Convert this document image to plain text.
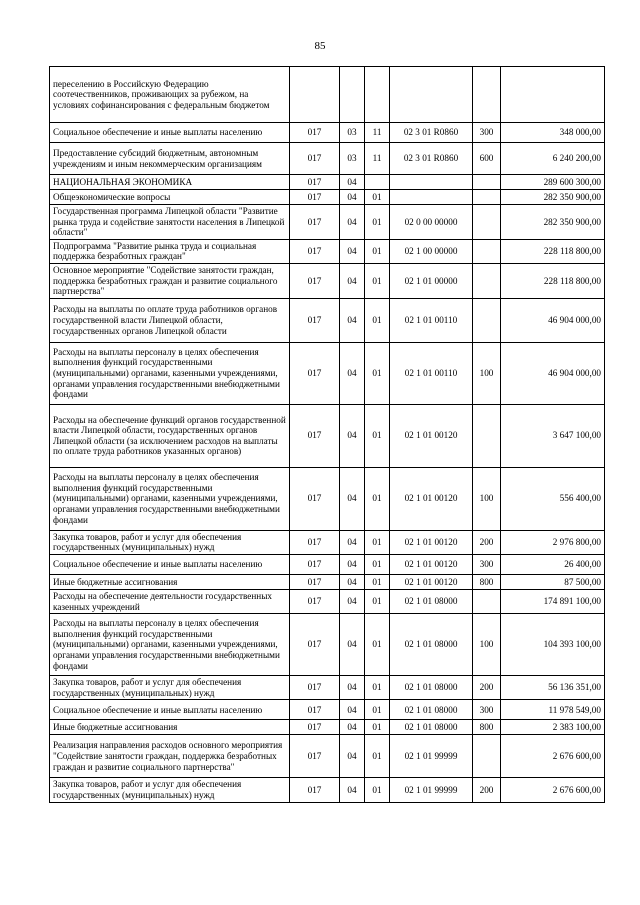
85
переселению в Российскую Федерацию соотечественников, проживающих за рубежом, на условиях софинансирования с федеральным бюджетом						
Социальное обеспечение и иные выплаты населению	017	03	11	02 3 01 R0860	300	348 000,00
Предоставление субсидий бюджетным, автономным учреждениям и иным некоммерческим организациям	017	03	11	02 3 01 R0860	600	6 240 200,00
НАЦИОНАЛЬНАЯ ЭКОНОМИКА	017	04				289 600 300,00
Общеэкономические вопросы	017	04	01			282 350 900,00
Государственная программа Липецкой области "Развитие рынка труда и содействие занятости населения в Липецкой области"	017	04	01	02 0 00 00000		282 350 900,00
Подпрограмма "Развитие рынка труда и социальная поддержка безработных граждан"	017	04	01	02 1 00 00000		228 118 800,00
Основное мероприятие "Содействие занятости граждан, поддержка безработных граждан и развитие социального партнерства"	017	04	01	02 1 01 00000		228 118 800,00
Расходы на выплаты по оплате труда работников органов государственной власти Липецкой области, государственных органов Липецкой области	017	04	01	02 1 01 00110		46 904 000,00
Расходы на выплаты персоналу в целях обеспечения выполнения функций государственными (муниципальными) органами, казенными учреждениями, органами управления государственными внебюджетными фондами	017	04	01	02 1 01 00110	100	46 904 000,00
Расходы на обеспечение функций органов государственной власти Липецкой области, государственных органов Липецкой области (за исключением расходов на выплаты по оплате труда работников указанных органов)	017	04	01	02 1 01 00120		3 647 100,00
Расходы на выплаты персоналу в целях обеспечения выполнения функций государственными (муниципальными) органами, казенными учреждениями, органами управления государственными внебюджетными фондами	017	04	01	02 1 01 00120	100	556 400,00
Закупка товаров, работ и услуг для обеспечения государственных (муниципальных) нужд	017	04	01	02 1 01 00120	200	2 976 800,00
Социальное обеспечение и иные выплаты населению	017	04	01	02 1 01 00120	300	26 400,00
Иные бюджетные ассигнования	017	04	01	02 1 01 00120	800	87 500,00
Расходы на обеспечение деятельности государственных казенных учреждений	017	04	01	02 1 01 08000		174 891 100,00
Расходы на выплаты персоналу в целях обеспечения выполнения функций государственными (муниципальными) органами, казенными учреждениями, органами управления государственными внебюджетными фондами	017	04	01	02 1 01 08000	100	104 393 100,00
Закупка товаров, работ и услуг для обеспечения государственных (муниципальных) нужд	017	04	01	02 1 01 08000	200	56 136 351,00
Социальное обеспечение и иные выплаты населению	017	04	01	02 1 01 08000	300	11 978 549,00
Иные бюджетные ассигнования	017	04	01	02 1 01 08000	800	2 383 100,00
Реализация направления расходов основного мероприятия "Содействие занятости граждан, поддержка безработных граждан и развитие социального партнерства"	017	04	01	02 1 01 99999		2 676 600,00
Закупка товаров, работ и услуг для обеспечения государственных (муниципальных) нужд	017	04	01	02 1 01 99999	200	2 676 600,00
